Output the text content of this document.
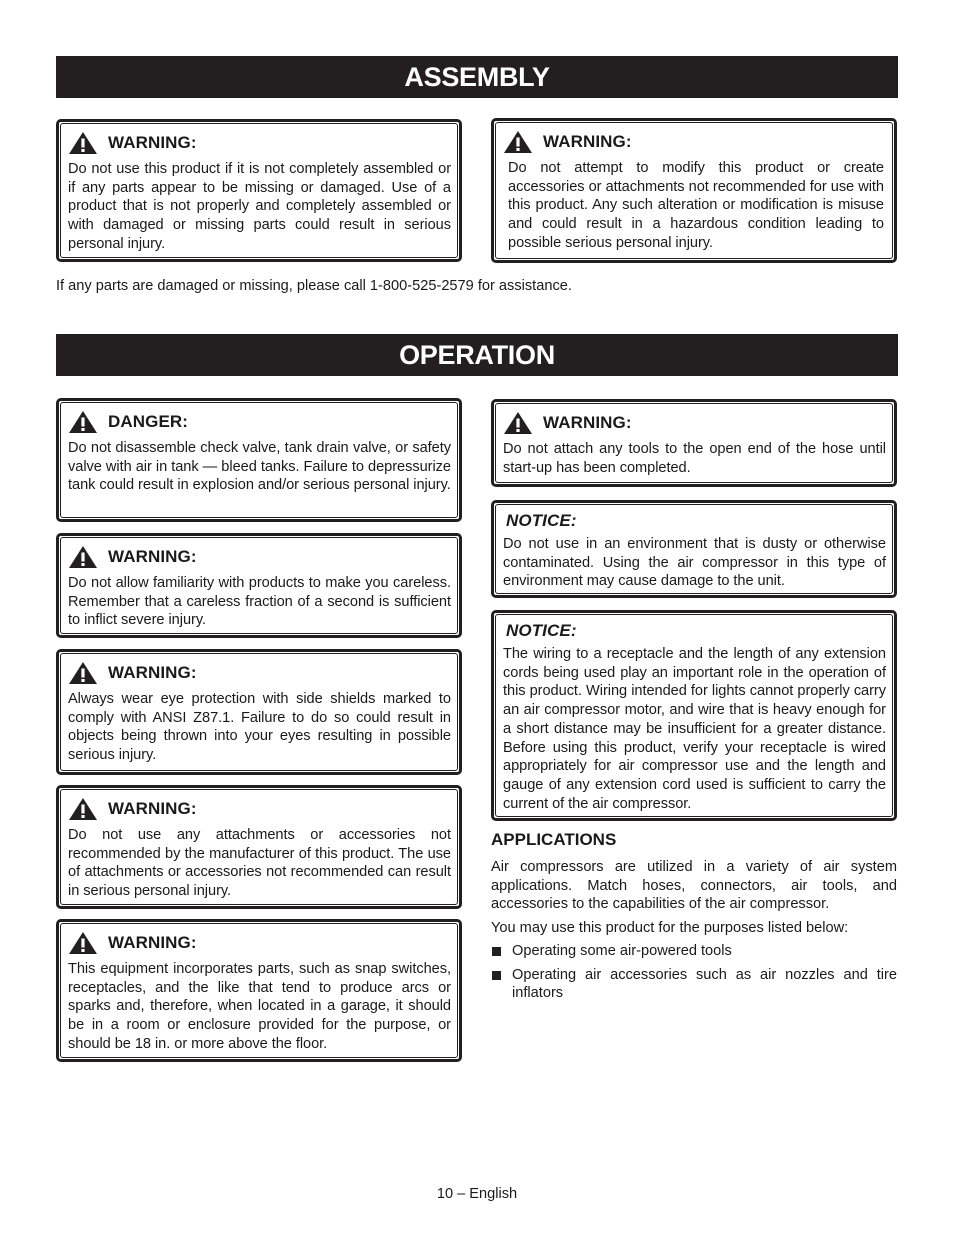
ASSEMBLY
WARNING:

Do not use this product if it is not completely assembled or if any parts appear to be missing or damaged. Use of a product that is not properly and completely assembled or with damaged or missing parts could result in serious personal injury.

WARNING:

Do not attempt to modify this product or create accessories or attachments not recommended for use with this product. Any such alteration or modification is misuse and could result in a hazardous condition leading to possible serious personal injury.

If any parts are damaged or missing, please call 1-800-525-2579 for assistance.

OPERATION
DANGER:

Do not disassemble check valve, tank drain valve, or safety valve with air in tank — bleed tanks. Failure to depressurize tank could result in explosion and/or serious personal injury.

WARNING:

Do not allow familiarity with products to make you careless. Remember that a careless fraction of a second is sufficient to inflict severe injury.

WARNING:

Always wear eye protection with side shields marked to comply with ANSI Z87.1. Failure to do so could result in objects being thrown into your eyes resulting in possible serious injury.

WARNING:

Do not use any attachments or accessories not recommended by the manufacturer of this product. The use of attachments or accessories not recommended can result in serious personal injury.

WARNING:

This equipment incorporates parts, such as snap switches, receptacles, and the like that tend to produce arcs or sparks and, therefore, when located in a garage, it should be in a room or enclosure provided for the purpose, or should be 18 in. or more above the floor.

WARNING:

Do not attach any tools to the open end of the hose until start-up has been completed.

NOTICE:

Do not use in an environment that is dusty or otherwise contaminated. Using the air compressor in this type of environment may cause damage to the unit.

NOTICE:

The wiring to a receptacle and the length of any extension cords being used play an important role in the operation of this product. Wiring intended for lights cannot properly carry an air compressor motor, and wire that is heavy enough for a short distance may be insufficient for a greater distance. Before using this product, verify your receptacle is wired appropriately for air compressor use and the length and gauge of any extension cord used is sufficient to carry the current of the air compressor.

APPLICATIONS

Air compressors are utilized in a variety of air system applications. Match hoses, connectors, air tools, and accessories to the capabilities of the air compressor.

You may use this product for the purposes listed below:

Operating some air-powered tools
Operating air accessories such as air nozzles and tire inflators
10 – English
